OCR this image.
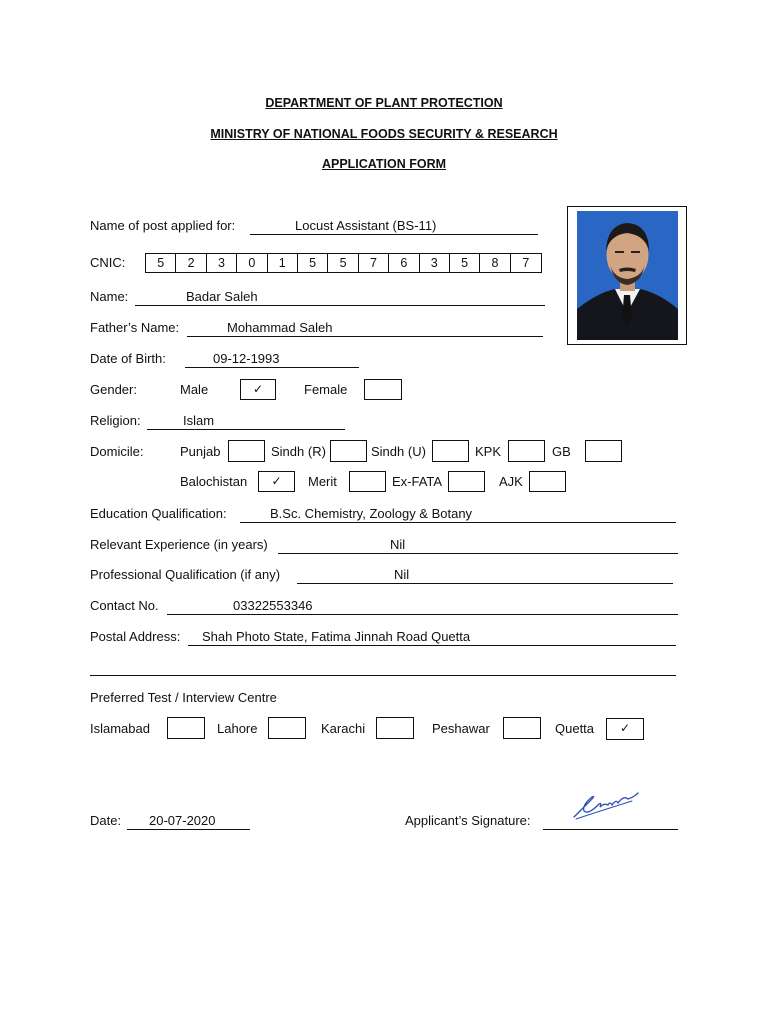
DEPARTMENT OF PLANT PROTECTION
MINISTRY OF NATIONAL FOODS SECURITY & RESEARCH
APPLICATION FORM
Name of post applied for:	Locust Assistant (BS-11)
CNIC:	5	2	3	0	1	5	5	7	6	3	5	8	7
Name:	Badar Saleh
Father’s Name:	Mohammad Saleh
Date of Birth:	09-12-1993
Gender:	Male	✓	Female
Religion:	Islam
Domicile:	Punjab	Sindh (R)	Sindh (U)	KPK	GB
Balochistan	✓	Merit	Ex-FATA	AJK
Education Qualification:	B.Sc. Chemistry, Zoology & Botany
Relevant Experience (in years)	Nil
Professional Qualification (if any)	Nil
Contact No.	03322553346
Postal Address: Shah Photo State, Fatima Jinnah Road Quetta
Preferred Test / Interview Centre
Islamabad	Lahore	Karachi	Peshawar	Quetta	✓
Date: 20-07-2020	Applicant’s Signature:
